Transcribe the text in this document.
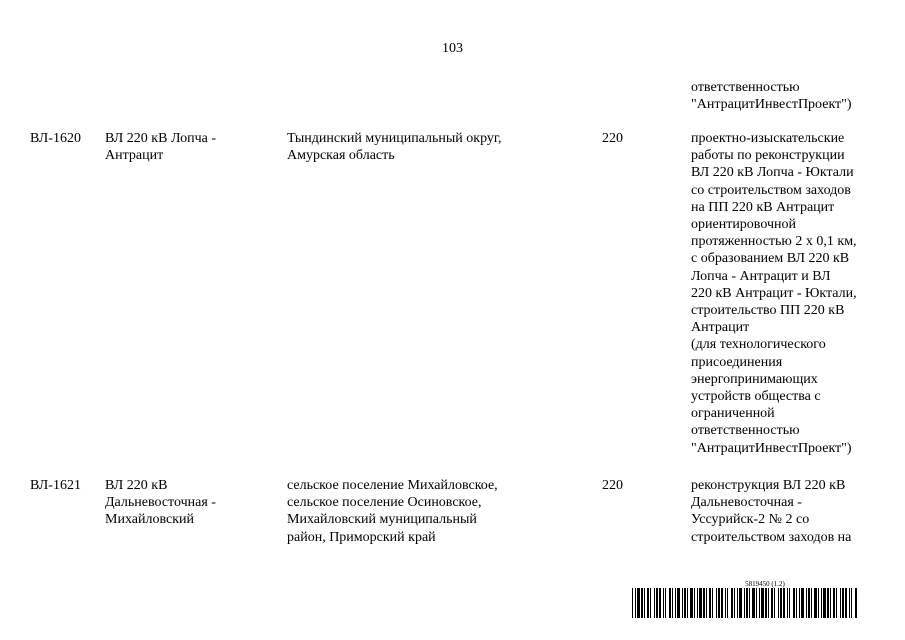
103
ответственностью
"АнтрацитИнвестПроект")
ВЛ-1620 ВЛ 220 кВ Лопча -
Антрацит
Тындинский муниципальный округ,
Амурская область
220	проектно-изыскательские
работы по реконструкции
ВЛ 220 кВ Лопча - Юктали
со строительством заходов
на ПП 220 кВ Антрацит
ориентировочной
протяженностью 2 х 0,1 км,
с образованием ВЛ 220 кВ
Лопча - Антрацит и ВЛ
220 кВ Антрацит - Юктали,
строительство ПП 220 кВ
Антрацит
(для технологического
присоединения
энергопринимающих
устройств общества с
ограниченной
ответственностью
"АнтрацитИнвестПроект")
ВЛ-1621 ВЛ 220 кВ
Дальневосточная -
Михайловский
сельское поселение Михайловское,
сельское поселение Осиновское,
Михайловский муниципальный
район, Приморский край
220	реконструкция ВЛ 220 кВ
Дальневосточная -
Уссурийск-2 № 2 со
строительством заходов на
5819450 (1.2)
